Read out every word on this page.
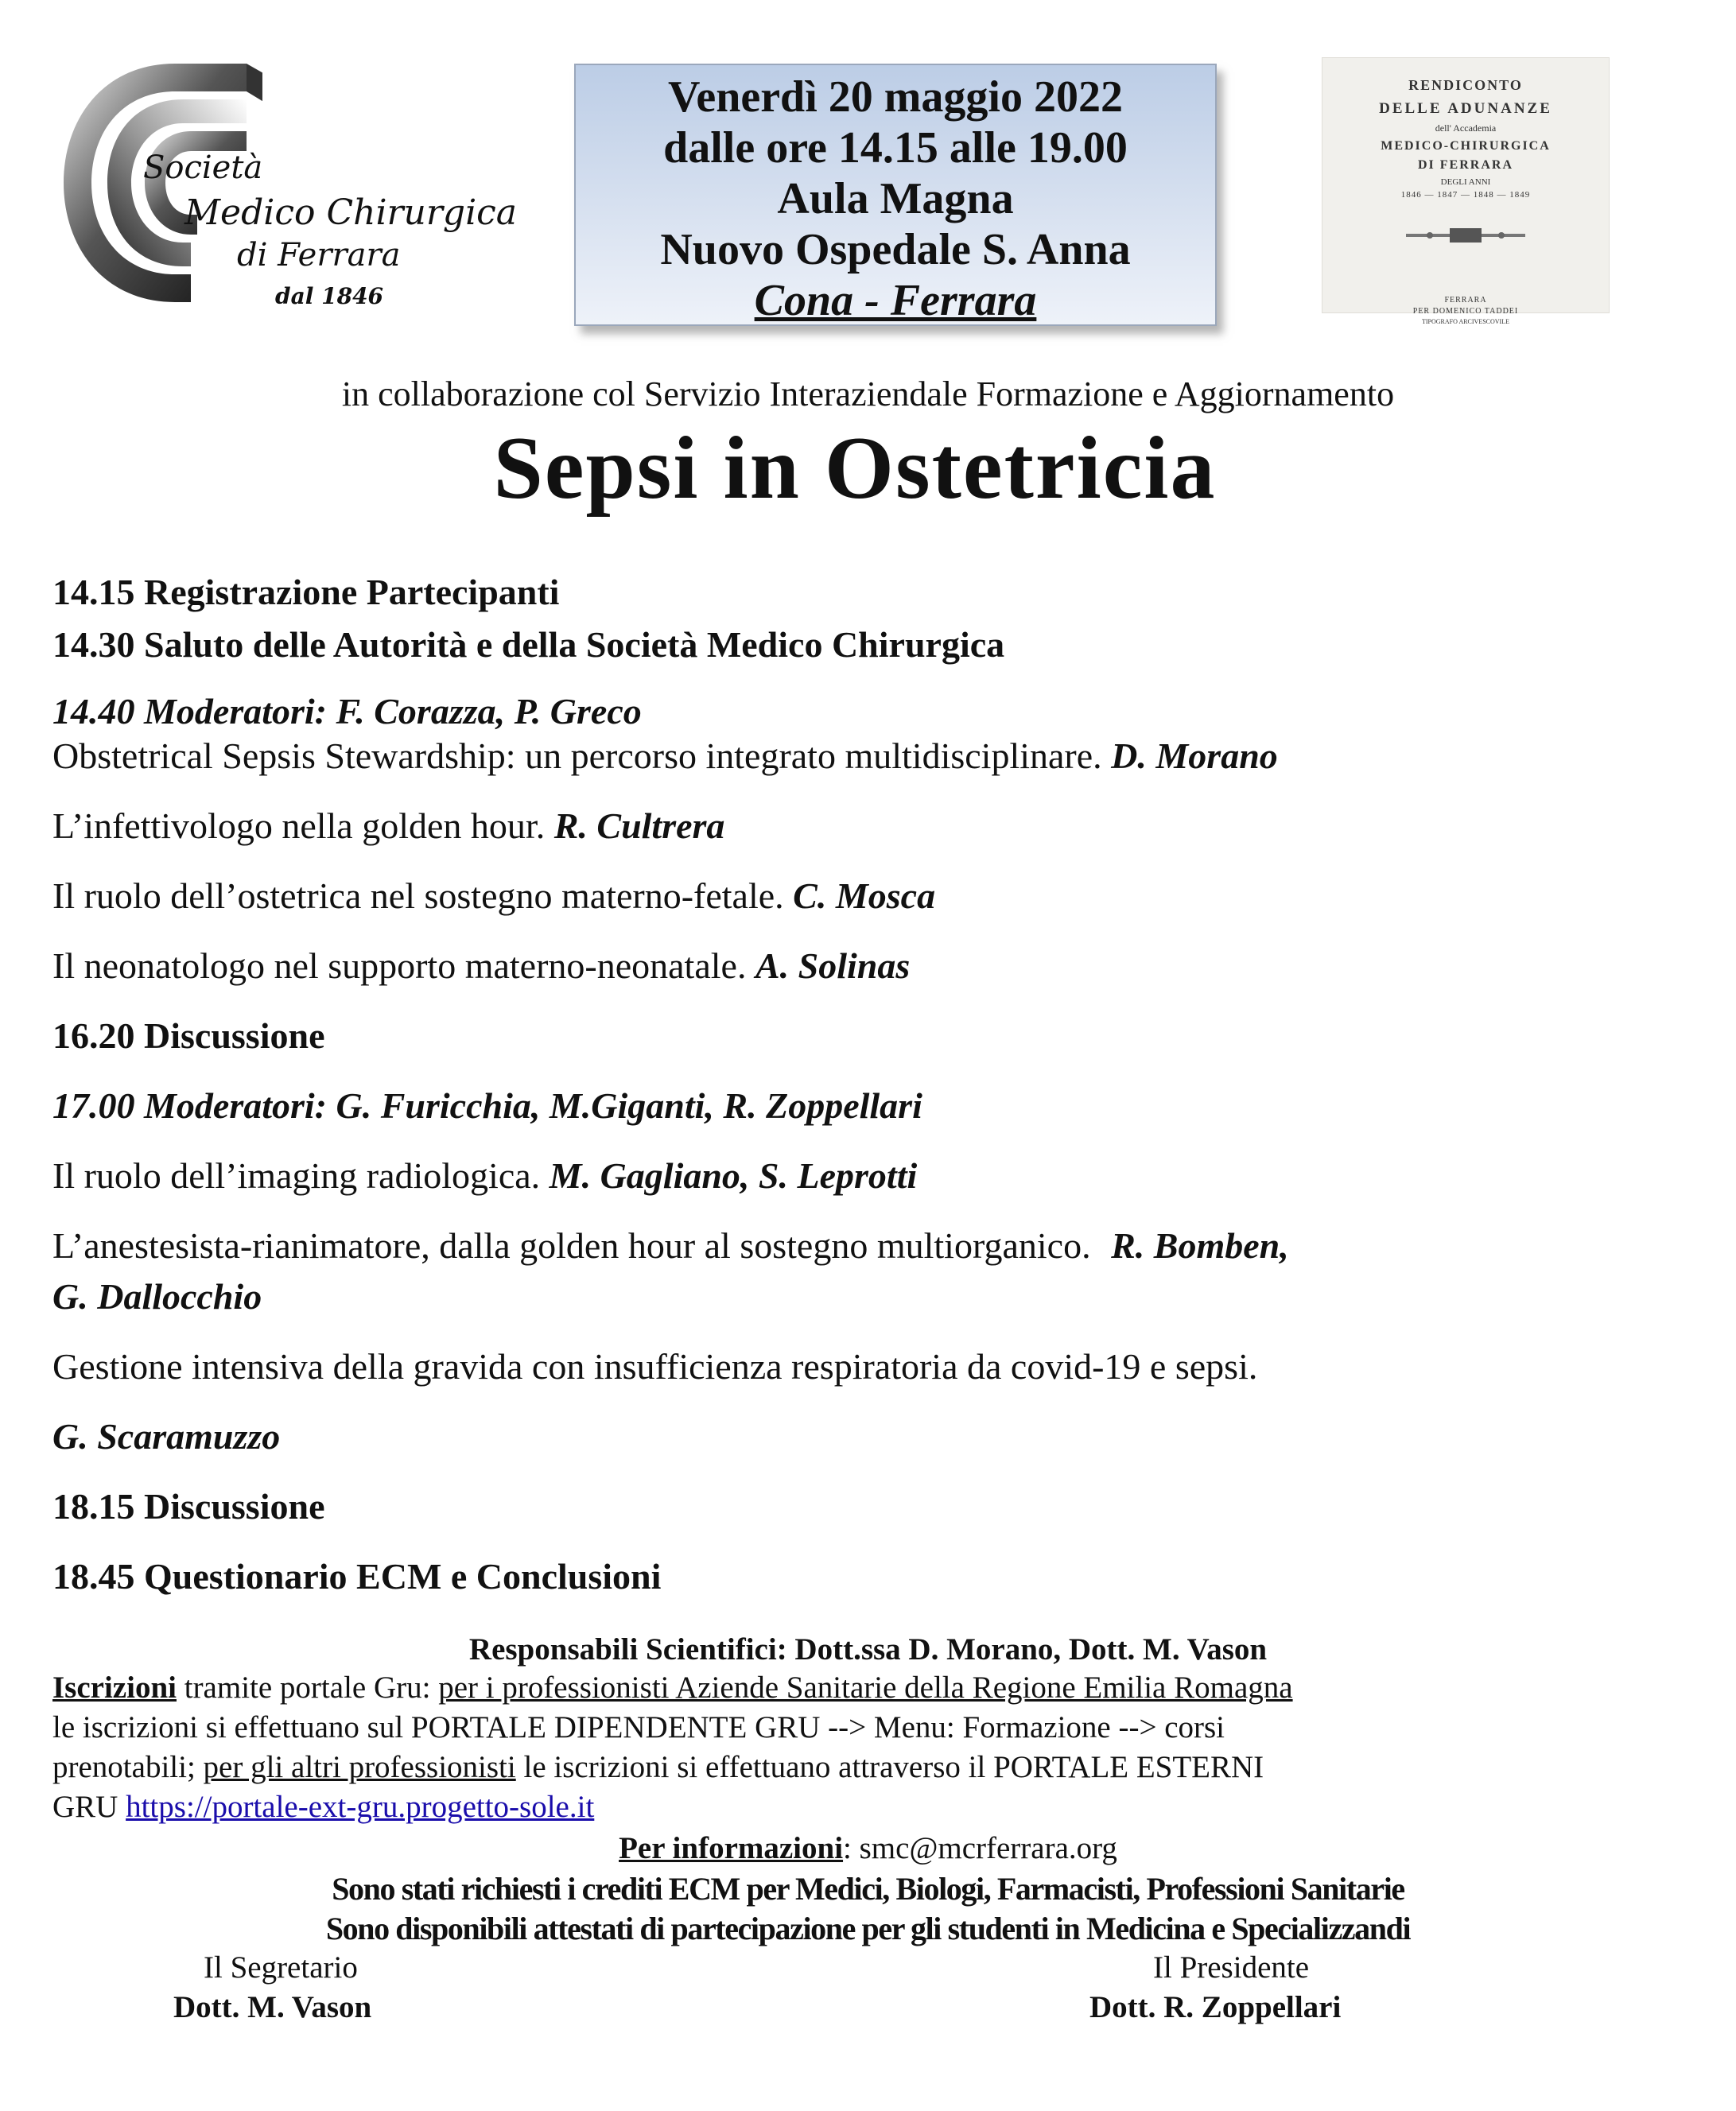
Società
Medico Chirurgica
di Ferrara
dal 1846
Venerdì 20 maggio 2022
dalle ore 14.15 alle 19.00
Aula Magna
Nuovo Ospedale S. Anna
Cona - Ferrara
RENDICONTO
DELLE ADUNANZE
dell' Accademia
MEDICO-CHIRURGICA
DI FERRARA
DEGLI ANNI
1846 — 1847 — 1848 — 1849
FERRARA
PER DOMENICO TADDEI
TIPOGRAFO ARCIVESCOVILE
in collaborazione col Servizio Interaziendale Formazione e Aggiornamento
Sepsi in Ostetricia
14.15 Registrazione Partecipanti
14.30 Saluto delle Autorità e della Società Medico Chirurgica
14.40 Moderatori: F. Corazza, P. Greco
Obstetrical Sepsis Stewardship: un percorso integrato multidisciplinare. D. Morano
L’infettivologo nella golden hour. R. Cultrera
Il ruolo dell’ostetrica nel sostegno materno-fetale. C. Mosca
Il neonatologo nel supporto materno-neonatale. A. Solinas
16.20 Discussione
17.00 Moderatori: G. Furicchia, M.Giganti, R. Zoppellari
Il ruolo dell’imaging radiologica. M. Gagliano, S. Leprotti
L’anestesista-rianimatore, dalla golden hour al sostegno multiorganico. R. Bomben,
G. Dallocchio
Gestione intensiva della gravida con insufficienza respiratoria da covid-19 e sepsi.
G. Scaramuzzo
18.15 Discussione
18.45 Questionario ECM e Conclusioni
Responsabili Scientifici: Dott.ssa D. Morano, Dott. M. Vason
Iscrizioni tramite portale Gru: per i professionisti Aziende Sanitarie della Regione Emilia Romagna
le iscrizioni si effettuano sul PORTALE DIPENDENTE GRU --> Menu: Formazione --> corsi
prenotabili; per gli altri professionisti le iscrizioni si effettuano attraverso il PORTALE ESTERNI
GRU https://portale-ext-gru.progetto-sole.it
Per informazioni: smc@mcrferrara.org
Sono stati richiesti i crediti ECM per Medici, Biologi, Farmacisti, Professioni Sanitarie
Sono disponibili attestati di partecipazione per gli studenti in Medicina e Specializzandi
Il Segretario
Dott. M. Vason
Il Presidente
Dott. R. Zoppellari
